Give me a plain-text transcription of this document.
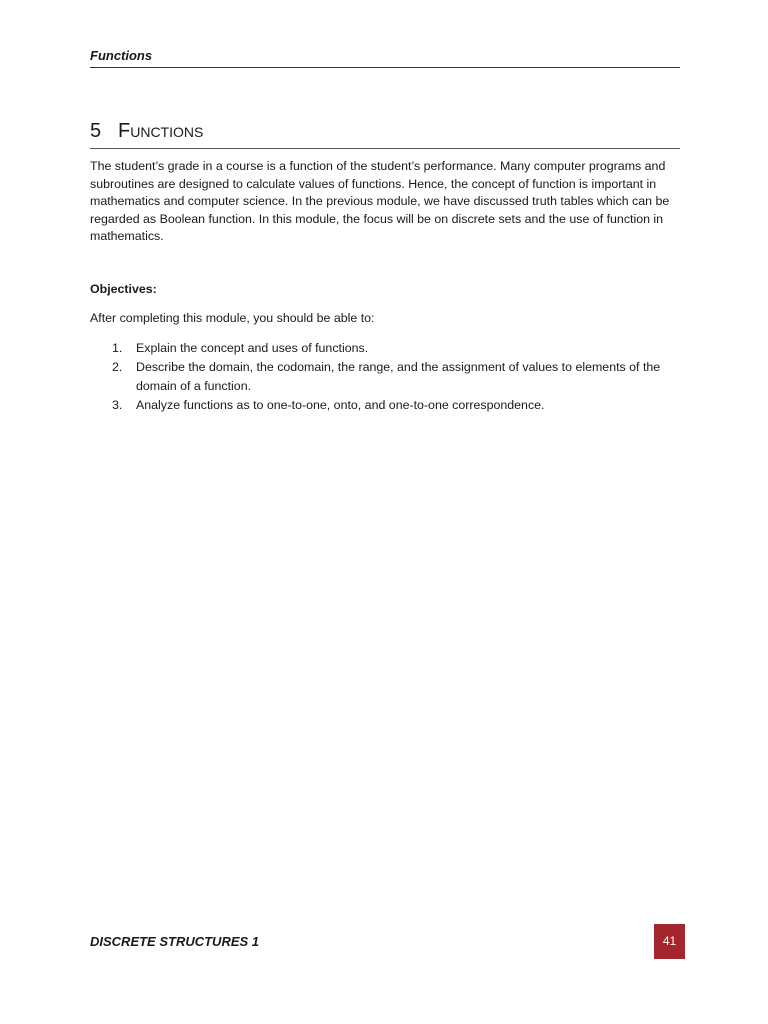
Functions
5 Functions

The student’s grade in a course is a function of the student’s performance. Many computer programs and subroutines are designed to calculate values of functions. Hence, the concept of function is important in mathematics and computer science. In the previous module, we have discussed truth tables which can be regarded as Boolean function. In this module, the focus will be on discrete sets and the use of function in mathematics.

Objectives:
After completing this module, you should be able to:
1. Explain the concept and uses of functions.
2. Describe the domain, the codomain, the range, and the assignment of values to elements of the domain of a function.
3. Analyze functions as to one-to-one, onto, and one-to-one correspondence.
DISCRETE STRUCTURES 1	41
